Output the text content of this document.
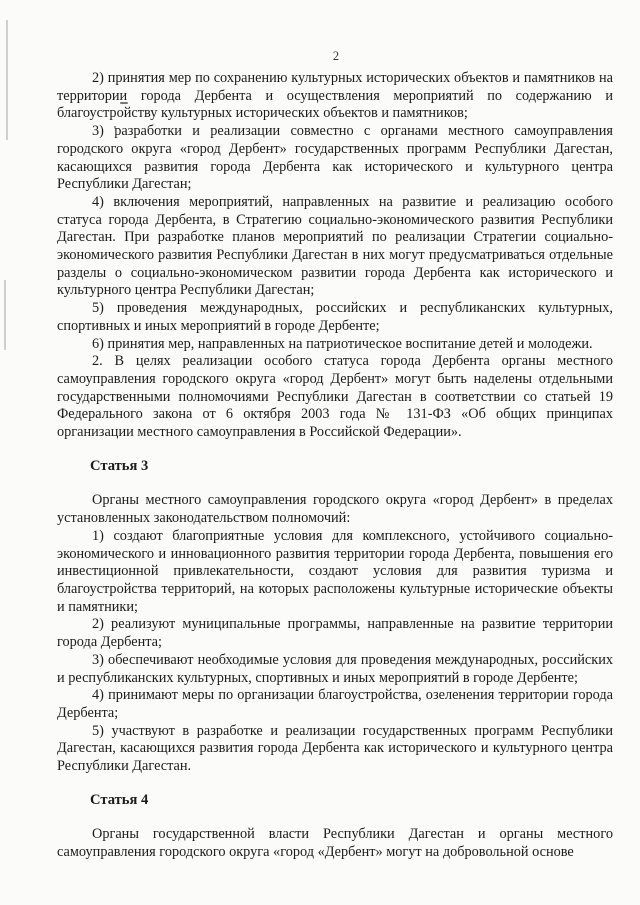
2

2) принятия мер по сохранению культурных исторических объектов и памятников на территории города Дербента и осуществления мероприятий по содержанию и благоустройству культурных исторических объектов и памятников;

3) разработки и реализации совместно с органами местного самоуправления городского округа «город Дербент» государственных программ Республики Дагестан, касающихся развития города Дербента как исторического и культурного центра Республики Дагестан;

4) включения мероприятий, направленных на развитие и реализацию особого статуса города Дербента, в Стратегию социально-экономического развития Республики Дагестан. При разработке планов мероприятий по реализации Стратегии социально-экономического развития Республики Дагестан в них могут предусматриваться отдельные разделы о социально-экономическом развитии города Дербента как исторического и культурного центра Республики Дагестан;

5) проведения международных, российских и республиканских культурных, спортивных и иных мероприятий в городе Дербенте;

6) принятия мер, направленных на патриотическое воспитание детей и молодежи.

2. В целях реализации особого статуса города Дербента органы местного самоуправления городского округа «город Дербент» могут быть наделены отдельными государственными полномочиями Республики Дагестан в соответствии со статьей 19 Федерального закона от 6 октября 2003 года № 131-ФЗ «Об общих принципах организации местного самоуправления в Российской Федерации».

Статья 3

Органы местного самоуправления городского округа «город Дербент» в пределах установленных законодательством полномочий:

1) создают благоприятные условия для комплексного, устойчивого социально-экономического и инновационного развития территории города Дербента, повышения его инвестиционной привлекательности, создают условия для развития туризма и благоустройства территорий, на которых расположены культурные исторические объекты и памятники;

2) реализуют муниципальные программы, направленные на развитие территории города Дербента;

3) обеспечивают необходимые условия для проведения международных, российских и республиканских культурных, спортивных и иных мероприятий в городе Дербенте;

4) принимают меры по организации благоустройства, озеленения территории города Дербента;

5) участвуют в разработке и реализации государственных программ Республики Дагестан, касающихся развития города Дербента как исторического и культурного центра Республики Дагестан.

Статья 4

Органы государственной власти Республики Дагестан и органы местного самоуправления городского округа «город «Дербент» могут на добровольной основе
